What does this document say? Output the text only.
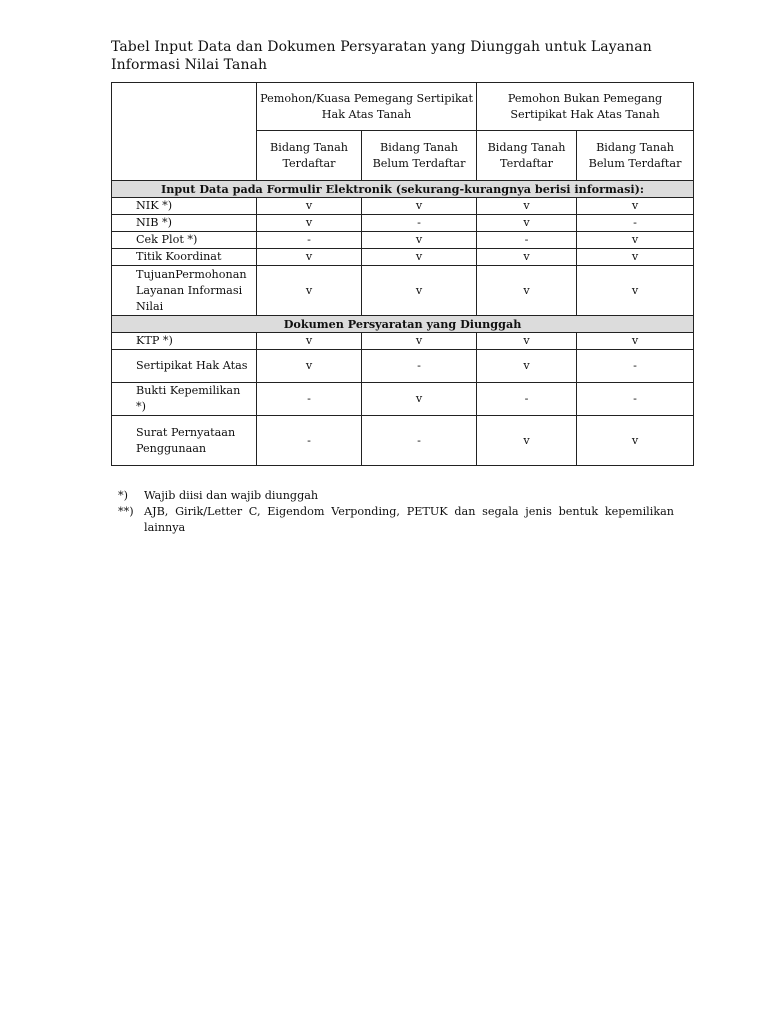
Tabel Input Data dan Dokumen Persyaratan yang Diunggah untuk Layanan Informasi Nilai Tanah
	Pemohon/Kuasa Pemegang Sertipikat Hak Atas Tanah		Pemohon Bukan Pemegang Sertipikat Hak Atas Tanah	
	Bidang Tanah Terdaftar	Bidang Tanah Belum Terdaftar	Bidang Tanah Terdaftar	Bidang Tanah Belum Terdaftar
Input Data pada Formulir Elektronik (sekurang-kurangnya berisi informasi):				
NIK *)	v	v	v	v
NIB *)	v	-	v	-
Cek Plot *)	-	v	-	v
Titik Koordinat	v	v	v	v
TujuanPermohonan Layanan Informasi Nilai	v	v	v	v
Dokumen Persyaratan yang Diunggah				
KTP *)	v	v	v	v
Sertipikat Hak Atas	v	-	v	-
Bukti Kepemilikan *)	-	v	-	-
Surat Pernyataan Penggunaan	-	-	v	v
*)	Wajib diisi dan wajib diunggah
**) AJB, Girik/Letter C, Eigendom Verponding, PETUK dan segala jenis bentuk kepemilikan lainnya
